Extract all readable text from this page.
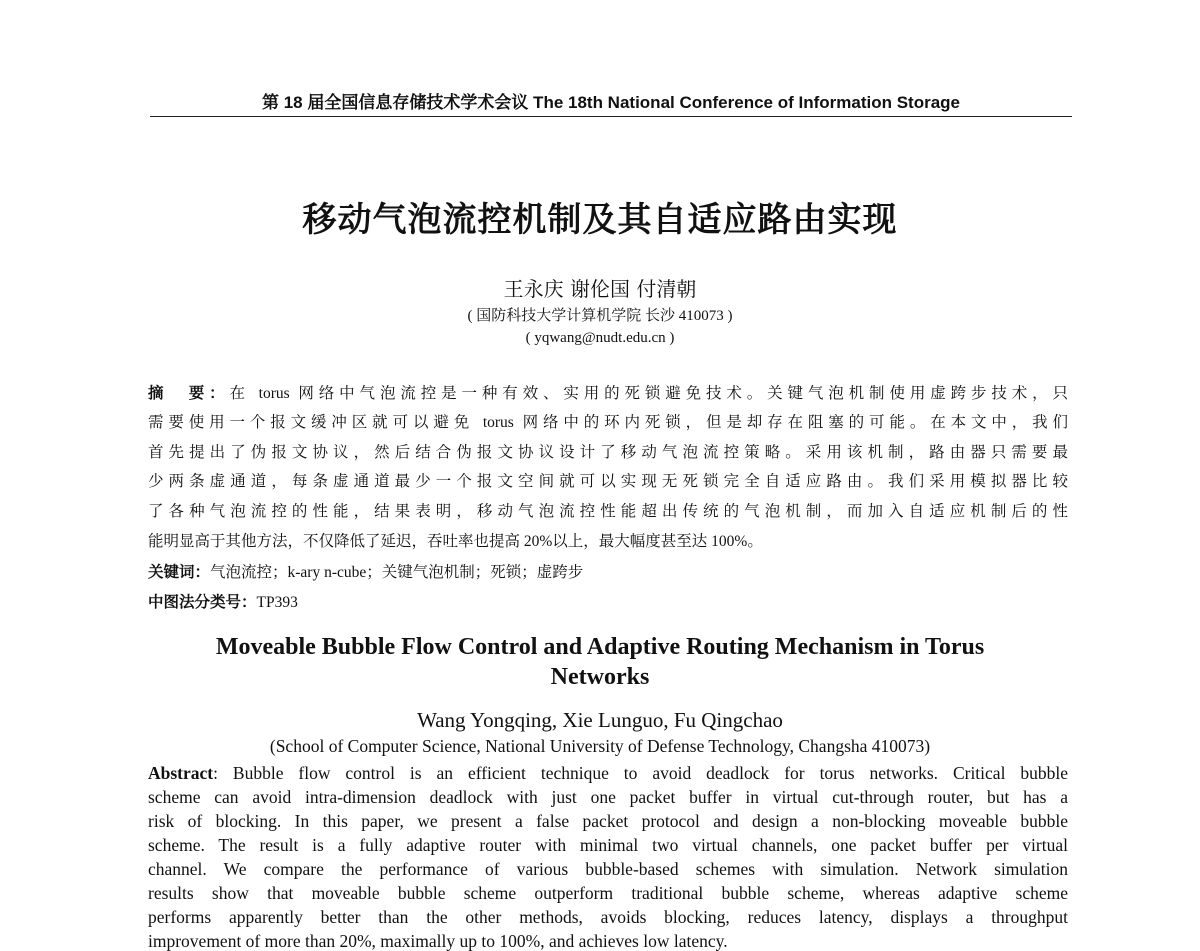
第 18 届全国信息存储技术学术会议 The 18th National Conference of Information Storage
移动气泡流控机制及其自适应路由实现
王永庆 谢伦国 付清朝
( 国防科技大学计算机学院 长沙 410073 )
( yqwang@nudt.edu.cn )
摘　要：在 torus 网络中气泡流控是一种有效、实用的死锁避免技术。关键气泡机制使用虚跨步技术，只
需要使用一个报文缓冲区就可以避免 torus 网络中的环内死锁，但是却存在阻塞的可能。在本文中，我们
首先提出了伪报文协议，然后结合伪报文协议设计了移动气泡流控策略。采用该机制，路由器只需要最
少两条虚通道，每条虚通道最少一个报文空间就可以实现无死锁完全自适应路由。我们采用模拟器比较
了各种气泡流控的性能，结果表明，移动气泡流控性能超出传统的气泡机制，而加入自适应机制后的性
能明显高于其他方法，不仅降低了延迟，吞吐率也提高 20%以上，最大幅度甚至达 100%。
关键词：气泡流控；k-ary n-cube；关键气泡机制；死锁；虚跨步
中图法分类号：TP393
Moveable Bubble Flow Control and Adaptive Routing Mechanism in Torus
Networks
Wang Yongqing, Xie Lunguo, Fu Qingchao
(School of Computer Science, National University of Defense Technology, Changsha 410073)
Abstract: Bubble flow control is an efficient technique to avoid deadlock for torus networks. Critical bubble
scheme can avoid intra-dimension deadlock with just one packet buffer in virtual cut-through router, but has a
risk of blocking. In this paper, we present a false packet protocol and design a non-blocking moveable bubble
scheme. The result is a fully adaptive router with minimal two virtual channels, one packet buffer per virtual
channel. We compare the performance of various bubble-based schemes with simulation. Network simulation
results show that moveable bubble scheme outperform traditional bubble scheme, whereas adaptive scheme
performs apparently better than the other methods, avoids blocking, reduces latency, displays a throughput
improvement of more than 20%, maximally up to 100%, and achieves low latency.
